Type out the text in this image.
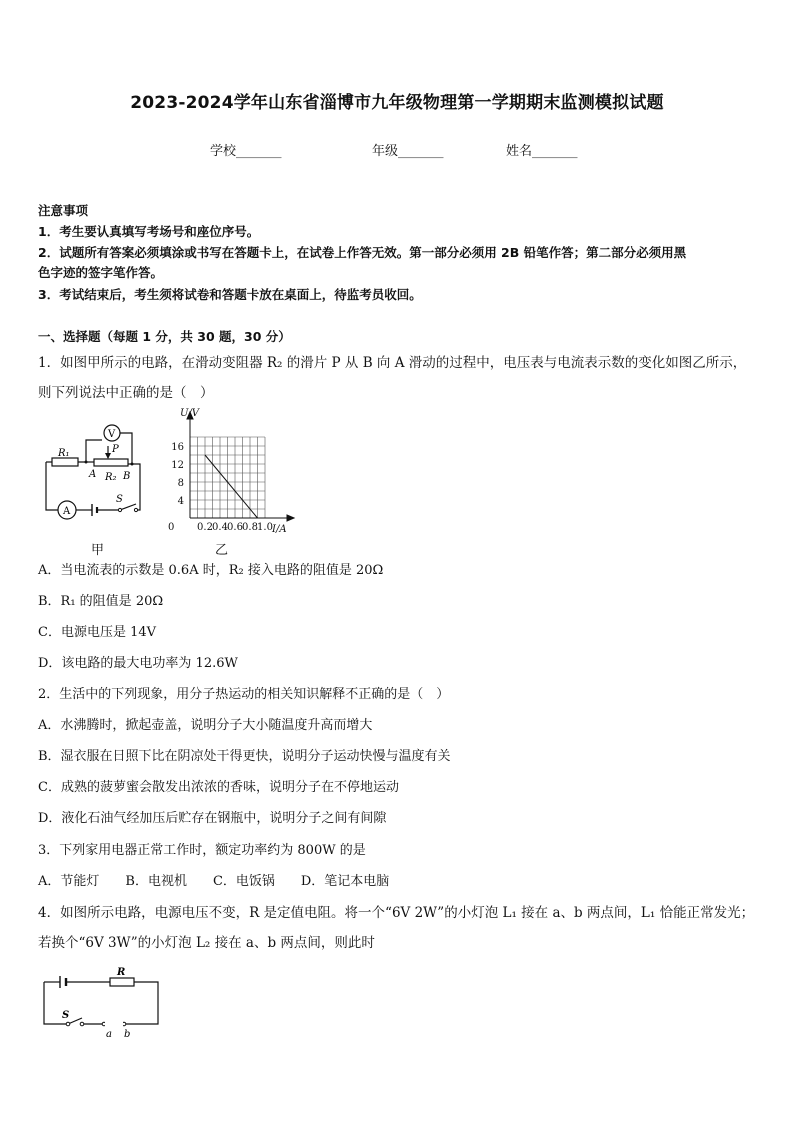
2023-2024学年山东省淄博市九年级物理第一学期期末监测模拟试题
学校_______	年级_______	姓名_______
注意事项
1．考生要认真填写考场号和座位序号。
2．试题所有答案必须填涂或书写在答题卡上，在试卷上作答无效。第一部分必须用 2B 铅笔作答；第二部分必须用黑
色字迹的签字笔作答。
3．考试结束后，考生须将试卷和答题卡放在桌面上，待监考员收回。
一、选择题（每题 1 分，共 30 题，30 分）
1．如图甲所示的电路，在滑动变阻器 R₂ 的滑片 P 从 B 向 A 滑动的过程中，电压表与电流表示数的变化如图乙所示，
则下列说法中正确的是（　）
V
R₁	P
A R₂ B
S
A
甲
0.2 0.4 0.6 0.8 1.0
4
8
12
16
0
U/V
I/A
乙
A．当电流表的示数是 0.6A 时，R₂ 接入电路的阻值是 20Ω
B．R₁ 的阻值是 20Ω
C．电源电压是 14V
D．该电路的最大电功率为 12.6W
2．生活中的下列现象，用分子热运动的相关知识解释不正确的是（　）
A．水沸腾时，掀起壶盖，说明分子大小随温度升高而增大
B．湿衣服在日照下比在阴凉处干得更快，说明分子运动快慢与温度有关
C．成熟的菠萝蜜会散发出浓浓的香味，说明分子在不停地运动
D．液化石油气经加压后贮存在钢瓶中，说明分子之间有间隙
3．下列家用电器正常工作时，额定功率约为 800W 的是
A．节能灯　　B．电视机　　C．电饭锅　　D．笔记本电脑
4．如图所示电路，电源电压不变，R 是定值电阻。将一个“6V 2W”的小灯泡 L₁ 接在 a、b 两点间，L₁ 恰能正常发光；
若换个“6V 3W”的小灯泡 L₂ 接在 a、b 两点间，则此时
R
S
a b
